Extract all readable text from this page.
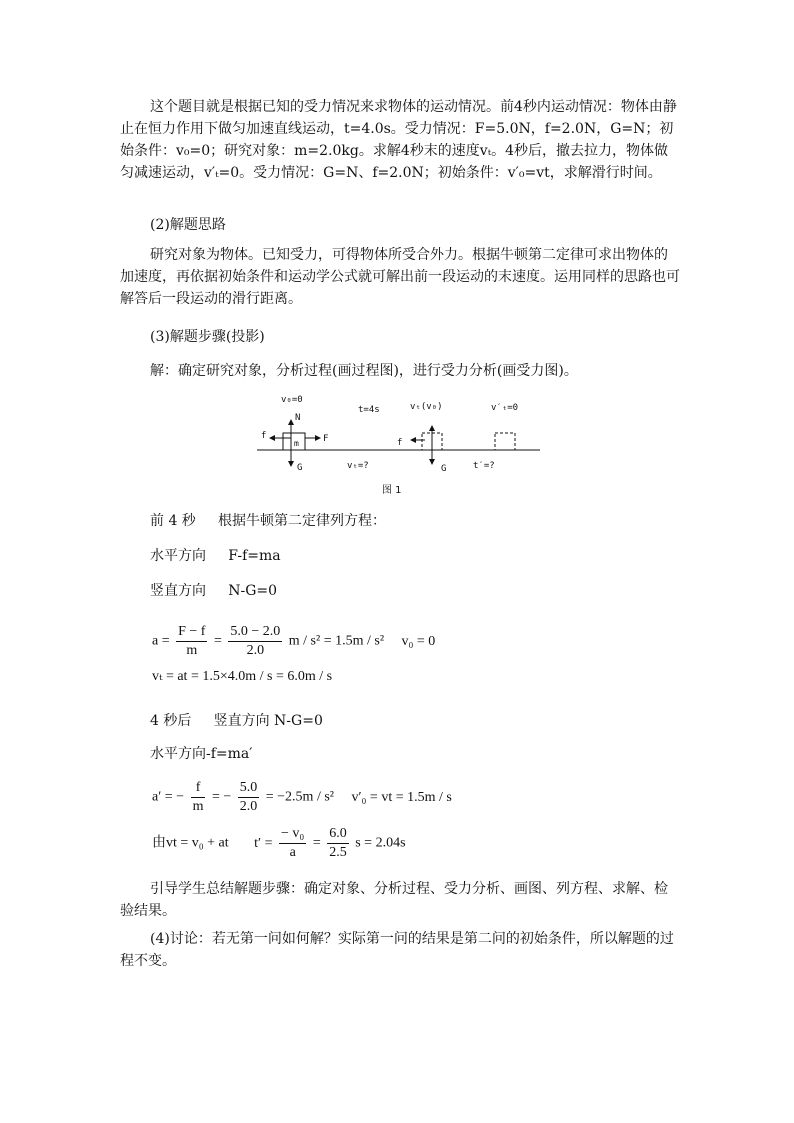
这个题目就是根据已知的受力情况来求物体的运动情况。前4秒内运动情况：物体由静止在恒力作用下做匀加速直线运动，t=4.0s。受力情况：F=5.0N，f=2.0N，G=N；初始条件：v₀=0；研究对象：m=2.0kg。求解4秒末的速度vₜ。4秒后，撤去拉力，物体做匀减速运动，v′ₜ=0。受力情况：G=N、f=2.0N；初始条件：v′₀=vt，求解滑行时间。

(2)解题思路

研究对象为物体。已知受力，可得物体所受合外力。根据牛顿第二定律可求出物体的加速度，再依据初始条件和运动学公式就可解出前一段运动的末速度。运用同样的思路也可解答后一段运动的滑行距离。

(3)解题步骤(投影)

解：确定研究对象，分析过程(画过程图)，进行受力分析(画受力图)。

v₀=0
N
f	F
m
G
t=4s	vₜ(v₀)
f
G
vₜ=?
v′ₜ=0
t′=?
图 1

前 4 秒     根据牛顿第二定律列方程：

水平方向     F-f=ma

竖直方向     N-G=0

$a = \frac{F - f}{m} = \frac{5.0 - 2.0}{2.0}$ m / s² = 1.5m / s² v₀ = 0
vₜ = at = 1.5×4.0m / s = 6.0m / s

4 秒后     竖直方向 N-G=0

水平方向-f=ma′

a′ = − $\frac{f}{m}$ = − $\frac{5.0}{2.0} = -2.5m / s^2$ v′₀ = vt = 1.5m / s
由vt = v₀ + at $t' = \frac{\text{− v₀}}{a} = \frac{6.0}{2.5}$ s = 2.04s

引导学生总结解题步骤：确定对象、分析过程、受力分析、画图、列方程、求解、检验结果。

(4)讨论：若无第一问如何解？实际第一问的结果是第二问的初始条件，所以解题的过程不变。
